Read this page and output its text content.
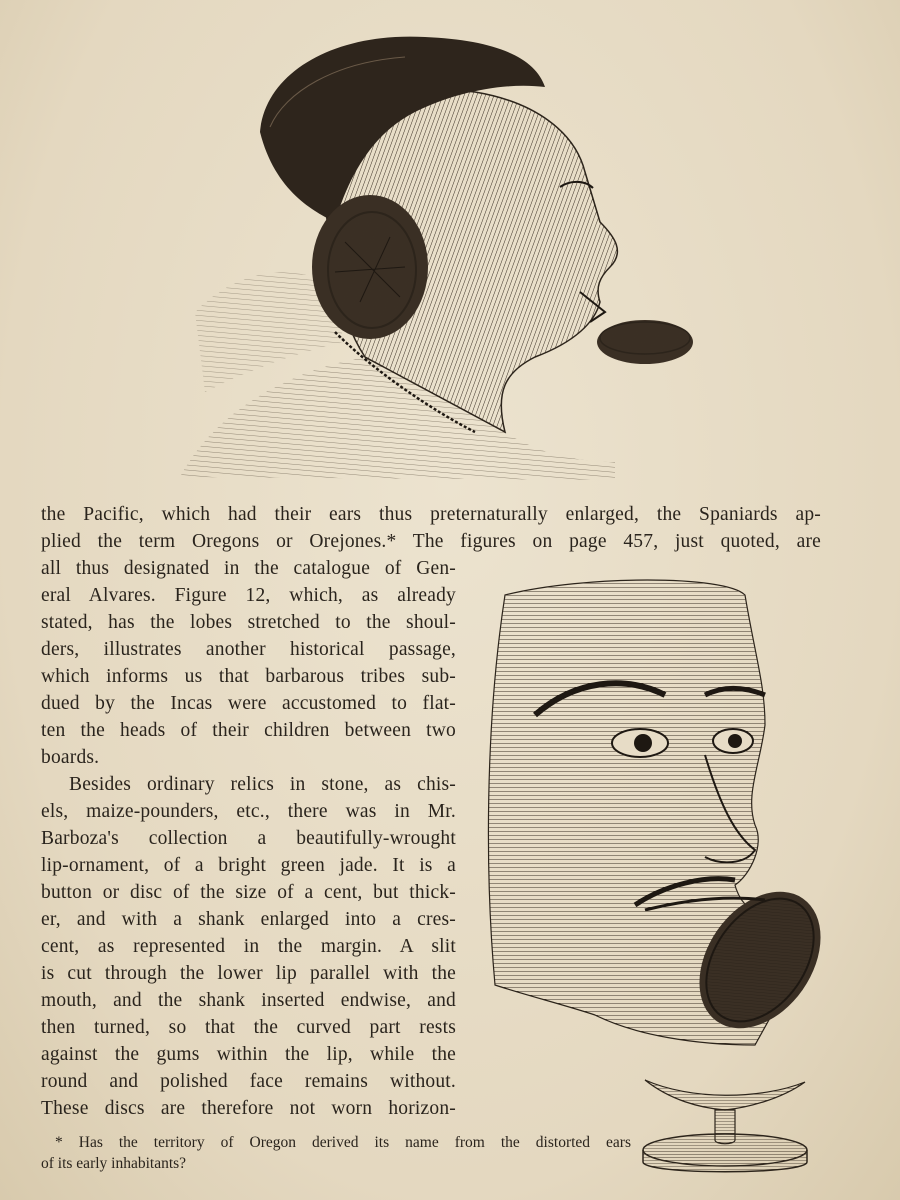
the Pacific, which had their ears thus preternaturally enlarged, the Spaniards ap-
plied the term Oregons or Orejones.* The figures on page 457, just quoted, are
all thus designated in the catalogue of Gen-
eral Alvares. Figure 12, which, as already
stated, has the lobes stretched to the shoul-
ders, illustrates another historical passage,
which informs us that barbarous tribes sub-
dued by the Incas were accustomed to flat-
ten the heads of their children between two
boards.
Besides ordinary relics in stone, as chis-
els, maize-pounders, etc., there was in Mr.
Barboza's collection a beautifully-wrought
lip-ornament, of a bright green jade. It is a
button or disc of the size of a cent, but thick-
er, and with a shank enlarged into a cres-
cent, as represented in the margin. A slit
is cut through the lower lip parallel with the
mouth, and the shank inserted endwise, and
then turned, so that the curved part rests
against the gums within the lip, while the
round and polished face remains without.
These discs are therefore not worn horizon-
* Has the territory of Oregon derived its name from the distorted ears
of its early inhabitants?
